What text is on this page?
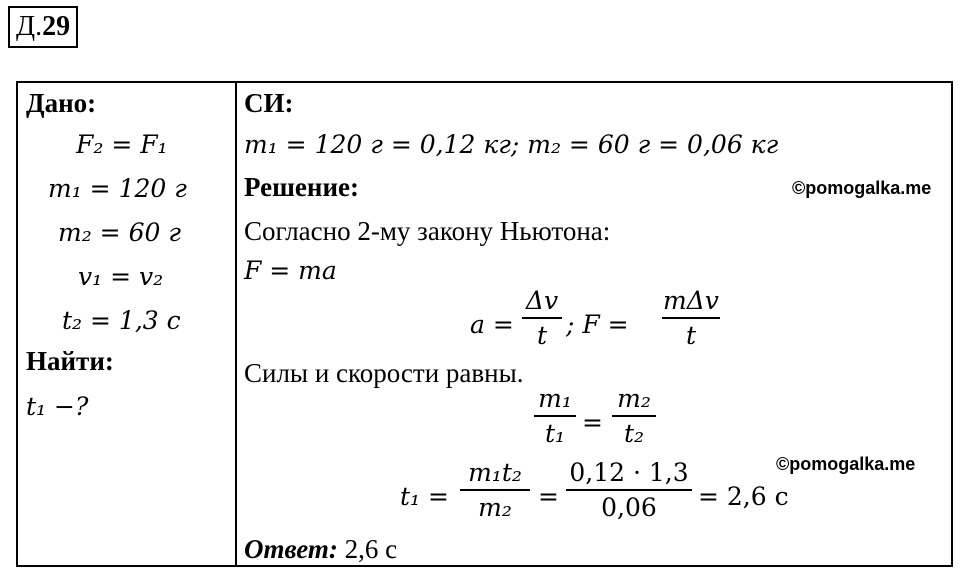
Д.29
Дано:
F₂ = F₁
m₁ = 120 г
m₂ = 60 г
v₁ = v₂
t₂ = 1,3 с
Найти:
t₁ −?
СИ:
m₁ = 120 г = 0,12 кг; m₂ = 60 г = 0,06 кг
Решение:	©pomogalka.me
Согласно 2-му закону Ньютона:
F = ma
a =
Δv
t ; F =
mΔv
t
Силы и скорости равны.
m₁
t₁ =
m₂
t₂
©pomogalka.me
t₁ =
m₁t₂
m₂	=
0,12 · 1,3
0,06	= 2,6 с
Ответ: 2,6 с
